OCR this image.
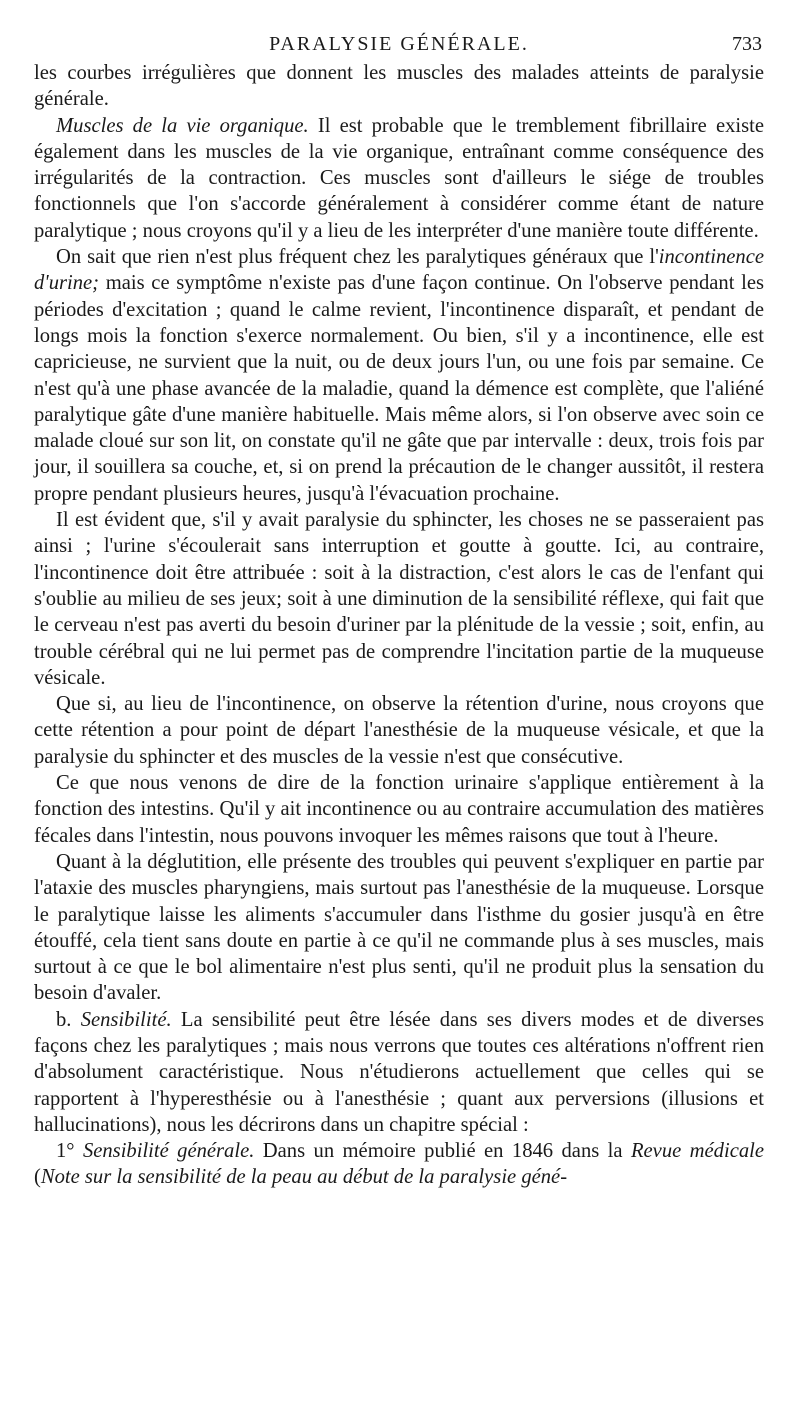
PARALYSIE GÉNÉRALE.	733

les courbes irrégulières que donnent les muscles des malades atteints de paralysie générale.

Muscles de la vie organique. Il est probable que le tremblement fibrillaire existe également dans les muscles de la vie organique, entraînant comme conséquence des irrégularités de la contraction. Ces muscles sont d'ailleurs le siége de troubles fonctionnels que l'on s'accorde généralement à considérer comme étant de nature paralytique ; nous croyons qu'il y a lieu de les interpréter d'une manière toute différente.

On sait que rien n'est plus fréquent chez les paralytiques généraux que l'incontinence d'urine; mais ce symptôme n'existe pas d'une façon continue. On l'observe pendant les périodes d'excitation ; quand le calme revient, l'incontinence disparaît, et pendant de longs mois la fonction s'exerce normalement. Ou bien, s'il y a incontinence, elle est capricieuse, ne survient que la nuit, ou de deux jours l'un, ou une fois par semaine. Ce n'est qu'à une phase avancée de la maladie, quand la démence est complète, que l'aliéné paralytique gâte d'une manière habituelle. Mais même alors, si l'on observe avec soin ce malade cloué sur son lit, on constate qu'il ne gâte que par intervalle : deux, trois fois par jour, il souillera sa couche, et, si on prend la précaution de le changer aussitôt, il restera propre pendant plusieurs heures, jusqu'à l'évacuation prochaine.

Il est évident que, s'il y avait paralysie du sphincter, les choses ne se passeraient pas ainsi ; l'urine s'écoulerait sans interruption et goutte à goutte. Ici, au contraire, l'incontinence doit être attribuée : soit à la distraction, c'est alors le cas de l'enfant qui s'oublie au milieu de ses jeux; soit à une diminution de la sensibilité réflexe, qui fait que le cerveau n'est pas averti du besoin d'uriner par la plénitude de la vessie ; soit, enfin, au trouble cérébral qui ne lui permet pas de comprendre l'incitation partie de la muqueuse vésicale.

Que si, au lieu de l'incontinence, on observe la rétention d'urine, nous croyons que cette rétention a pour point de départ l'anesthésie de la muqueuse vésicale, et que la paralysie du sphincter et des muscles de la vessie n'est que consécutive.

Ce que nous venons de dire de la fonction urinaire s'applique entièrement à la fonction des intestins. Qu'il y ait incontinence ou au contraire accumulation des matières fécales dans l'intestin, nous pouvons invoquer les mêmes raisons que tout à l'heure.

Quant à la déglutition, elle présente des troubles qui peuvent s'expliquer en partie par l'ataxie des muscles pharyngiens, mais surtout pas l'anesthésie de la muqueuse. Lorsque le paralytique laisse les aliments s'accumuler dans l'isthme du gosier jusqu'à en être étouffé, cela tient sans doute en partie à ce qu'il ne commande plus à ses muscles, mais surtout à ce que le bol alimentaire n'est plus senti, qu'il ne produit plus la sensation du besoin d'avaler.

b. Sensibilité. La sensibilité peut être lésée dans ses divers modes et de diverses façons chez les paralytiques ; mais nous verrons que toutes ces altérations n'offrent rien d'absolument caractéristique. Nous n'étudierons actuellement que celles qui se rapportent à l'hyperesthésie ou à l'anesthésie ; quant aux perversions (illusions et hallucinations), nous les décrirons dans un chapitre spécial :

1° Sensibilité générale. Dans un mémoire publié en 1846 dans la Revue médicale (Note sur la sensibilité de la peau au début de la paralysie géné-
